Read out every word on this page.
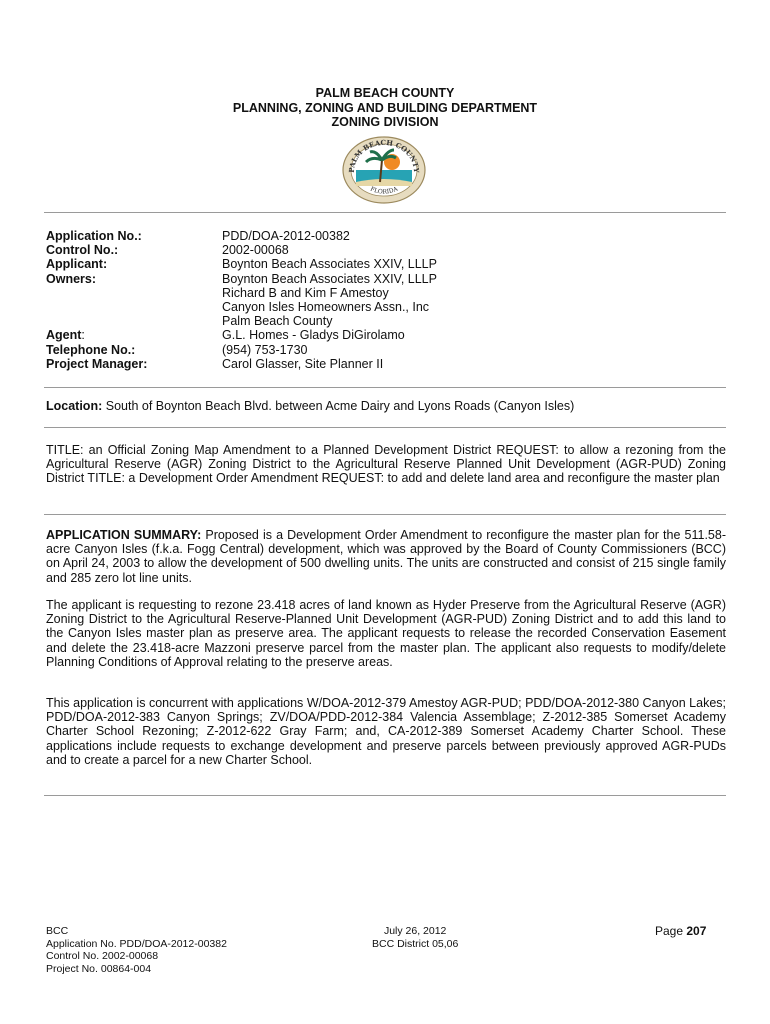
PALM BEACH COUNTY
PLANNING, ZONING AND BUILDING DEPARTMENT
ZONING DIVISION
PALM BEACH COUNTY
FLORIDA
Application No.:	PDD/DOA-2012-00382
Control No.:	2002-00068
Applicant:	Boynton Beach Associates XXIV, LLLP
Owners:	Boynton Beach Associates XXIV, LLLP
Richard B and Kim F Amestoy
Canyon Isles Homeowners Assn., Inc
Palm Beach County
Agent:	G.L. Homes - Gladys DiGirolamo
Telephone No.:	(954) 753-1730
Project Manager:	Carol Glasser, Site Planner II
Location: South of Boynton Beach Blvd. between Acme Dairy and Lyons Roads (Canyon Isles)
TITLE: an Official Zoning Map Amendment to a Planned Development District REQUEST: to allow a rezoning from the Agricultural Reserve (AGR) Zoning District to the Agricultural Reserve Planned Unit Development (AGR-PUD) Zoning District TITLE: a Development Order Amendment REQUEST: to add and delete land area and reconfigure the master plan
APPLICATION SUMMARY: Proposed is a Development Order Amendment to reconfigure the master plan for the 511.58-acre Canyon Isles (f.k.a. Fogg Central) development, which was approved by the Board of County Commissioners (BCC) on April 24, 2003 to allow the development of 500 dwelling units. The units are constructed and consist of 215 single family and 285 zero lot line units.
The applicant is requesting to rezone 23.418 acres of land known as Hyder Preserve from the Agricultural Reserve (AGR) Zoning District to the Agricultural Reserve-Planned Unit Development (AGR-PUD) Zoning District and to add this land to the Canyon Isles master plan as preserve area. The applicant requests to release the recorded Conservation Easement and delete the 23.418-acre Mazzoni preserve parcel from the master plan. The applicant also requests to modify/delete Planning Conditions of Approval relating to the preserve areas.
This application is concurrent with applications W/DOA-2012-379 Amestoy AGR-PUD; PDD/DOA-2012-380 Canyon Lakes; PDD/DOA-2012-383 Canyon Springs; ZV/DOA/PDD-2012-384 Valencia Assemblage; Z-2012-385 Somerset Academy Charter School Rezoning; Z-2012-622 Gray Farm; and, CA-2012-389 Somerset Academy Charter School. These applications include requests to exchange development and preserve parcels between previously approved AGR-PUDs and to create a parcel for a new Charter School.
BCC
Application No. PDD/DOA-2012-00382
Control No. 2002-00068
Project No. 00864-004
July 26, 2012
BCC District 05,06
Page 207
